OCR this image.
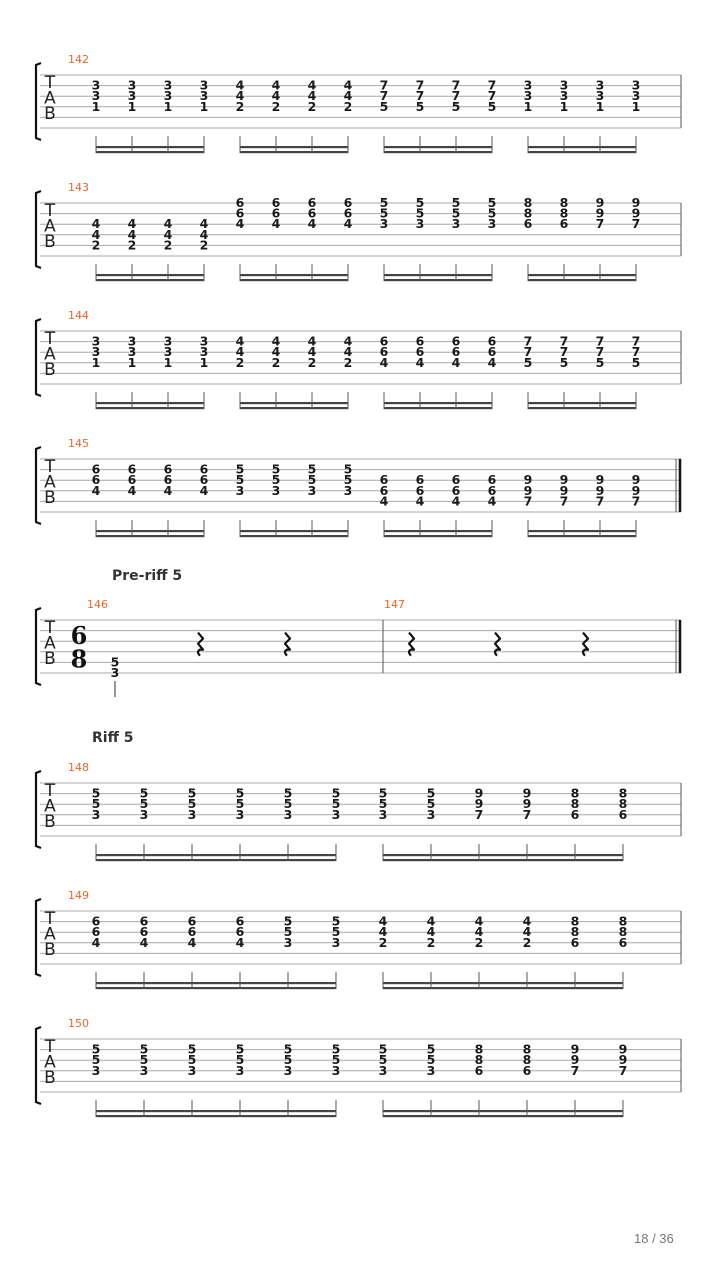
Pre-riff 5
Riff 5
T
A
B
142
3
3
1
3
3
1
3
3
1
3
3
1
4
4
2
4
4
2
4
4
2
4
4
2
7
7
5
7
7
5
7
7
5
7
7
5
3
3
1
3
3
1
3
3
1
3
3
1
T
A
B
143
4
4
2
4
4
2
4
4
2
4
4
2
6
6
4
6
6
4
6
6
4
6
6
4
5
5
3
5
5
3
5
5
3
5
5
3
8
8
6
8
8
6
9
9
7
9
9
7
T
A
B
144
3
3
1
3
3
1
3
3
1
3
3
1
4
4
2
4
4
2
4
4
2
4
4
2
6
6
4
6
6
4
6
6
4
6
6
4
7
7
5
7
7
5
7
7
5
7
7
5
T
A
B
145
6
6
4
6
6
4
6
6
4
6
6
4
5
5
3
5
5
3
5
5
3
5
5
3
6
6
4
6
6
4
6
6
4
6
6
4
9
9
7
9
9
7
9
9
7
9
9
7
T
A
B
6
8
146	147
5
3
T
A
B
148
5
5
3
5
5
3
5
5
3
5
5
3
5
5
3
5
5
3
5
5
3
5
5
3
9
9
7
9
9
7
8
8
6
8
8
6
T
A
B
149
6
6
4
6
6
4
6
6
4
6
6
4
5
5
3
5
5
3
4
4
2
4
4
2
4
4
2
4
4
2
8
8
6
8
8
6
T
A
B
150
5
5
3
5
5
3
5
5
3
5
5
3
5
5
3
5
5
3
5
5
3
5
5
3
8
8
6
8
8
6
9
9
7
9
9
7
18 / 36
